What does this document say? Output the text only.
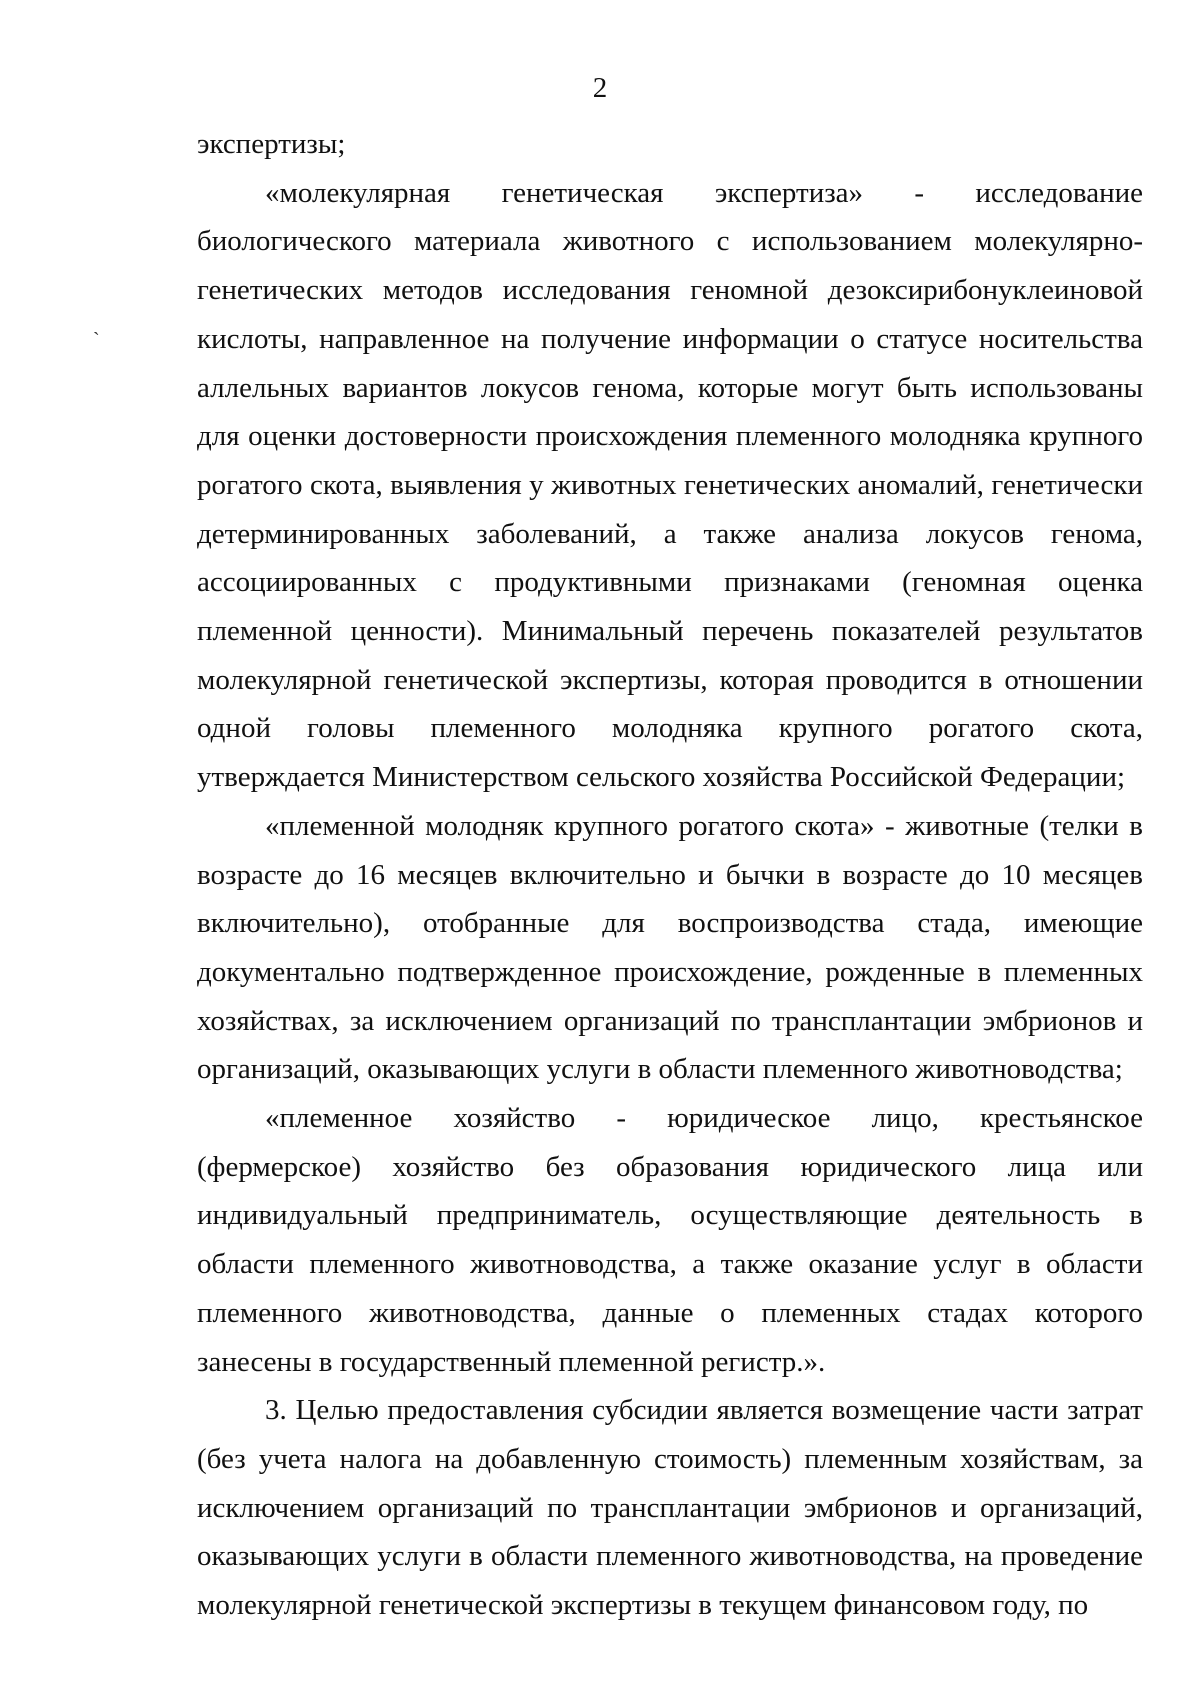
2
`

экспертизы;

«молекулярная генетическая экспертиза» - исследование биологического материала животного с использованием молекулярно-генетических методов исследования геномной дезоксирибонуклеиновой кислоты, направленное на получение информации о статусе носительства аллельных вариантов локусов генома, которые могут быть использованы для оценки достоверности происхождения племенного молодняка крупного рогатого скота, выявления у животных генетических аномалий, генетически детерминированных заболеваний, а также анализа локусов генома, ассоциированных с продуктивными признаками (геномная оценка племенной ценности). Минимальный перечень показателей результатов молекулярной генетической экспертизы, которая проводится в отношении одной головы племенного молодняка крупного рогатого скота, утверждается Министерством сельского хозяйства Российской Федерации;

«племенной молодняк крупного рогатого скота» - животные (телки в возрасте до 16 месяцев включительно и бычки в возрасте до 10 месяцев включительно), отобранные для воспроизводства стада, имеющие документально подтвержденное происхождение, рожденные в племенных хозяйствах, за исключением организаций по трансплантации эмбрионов и организаций, оказывающих услуги в области племенного животноводства;

«племенное хозяйство - юридическое лицо, крестьянское (фермерское) хозяйство без образования юридического лица или индивидуальный предприниматель, осуществляющие деятельность в области племенного животноводства, а также оказание услуг в области племенного животноводства, данные о племенных стадах которого занесены в государственный племенной регистр.».

3. Целью предоставления субсидии является возмещение части затрат (без учета налога на добавленную стоимость) племенным хозяйствам, за исключением организаций по трансплантации эмбрионов и организаций, оказывающих услуги в области племенного животноводства, на проведение молекулярной генетической экспертизы в текущем финансовом году, по
